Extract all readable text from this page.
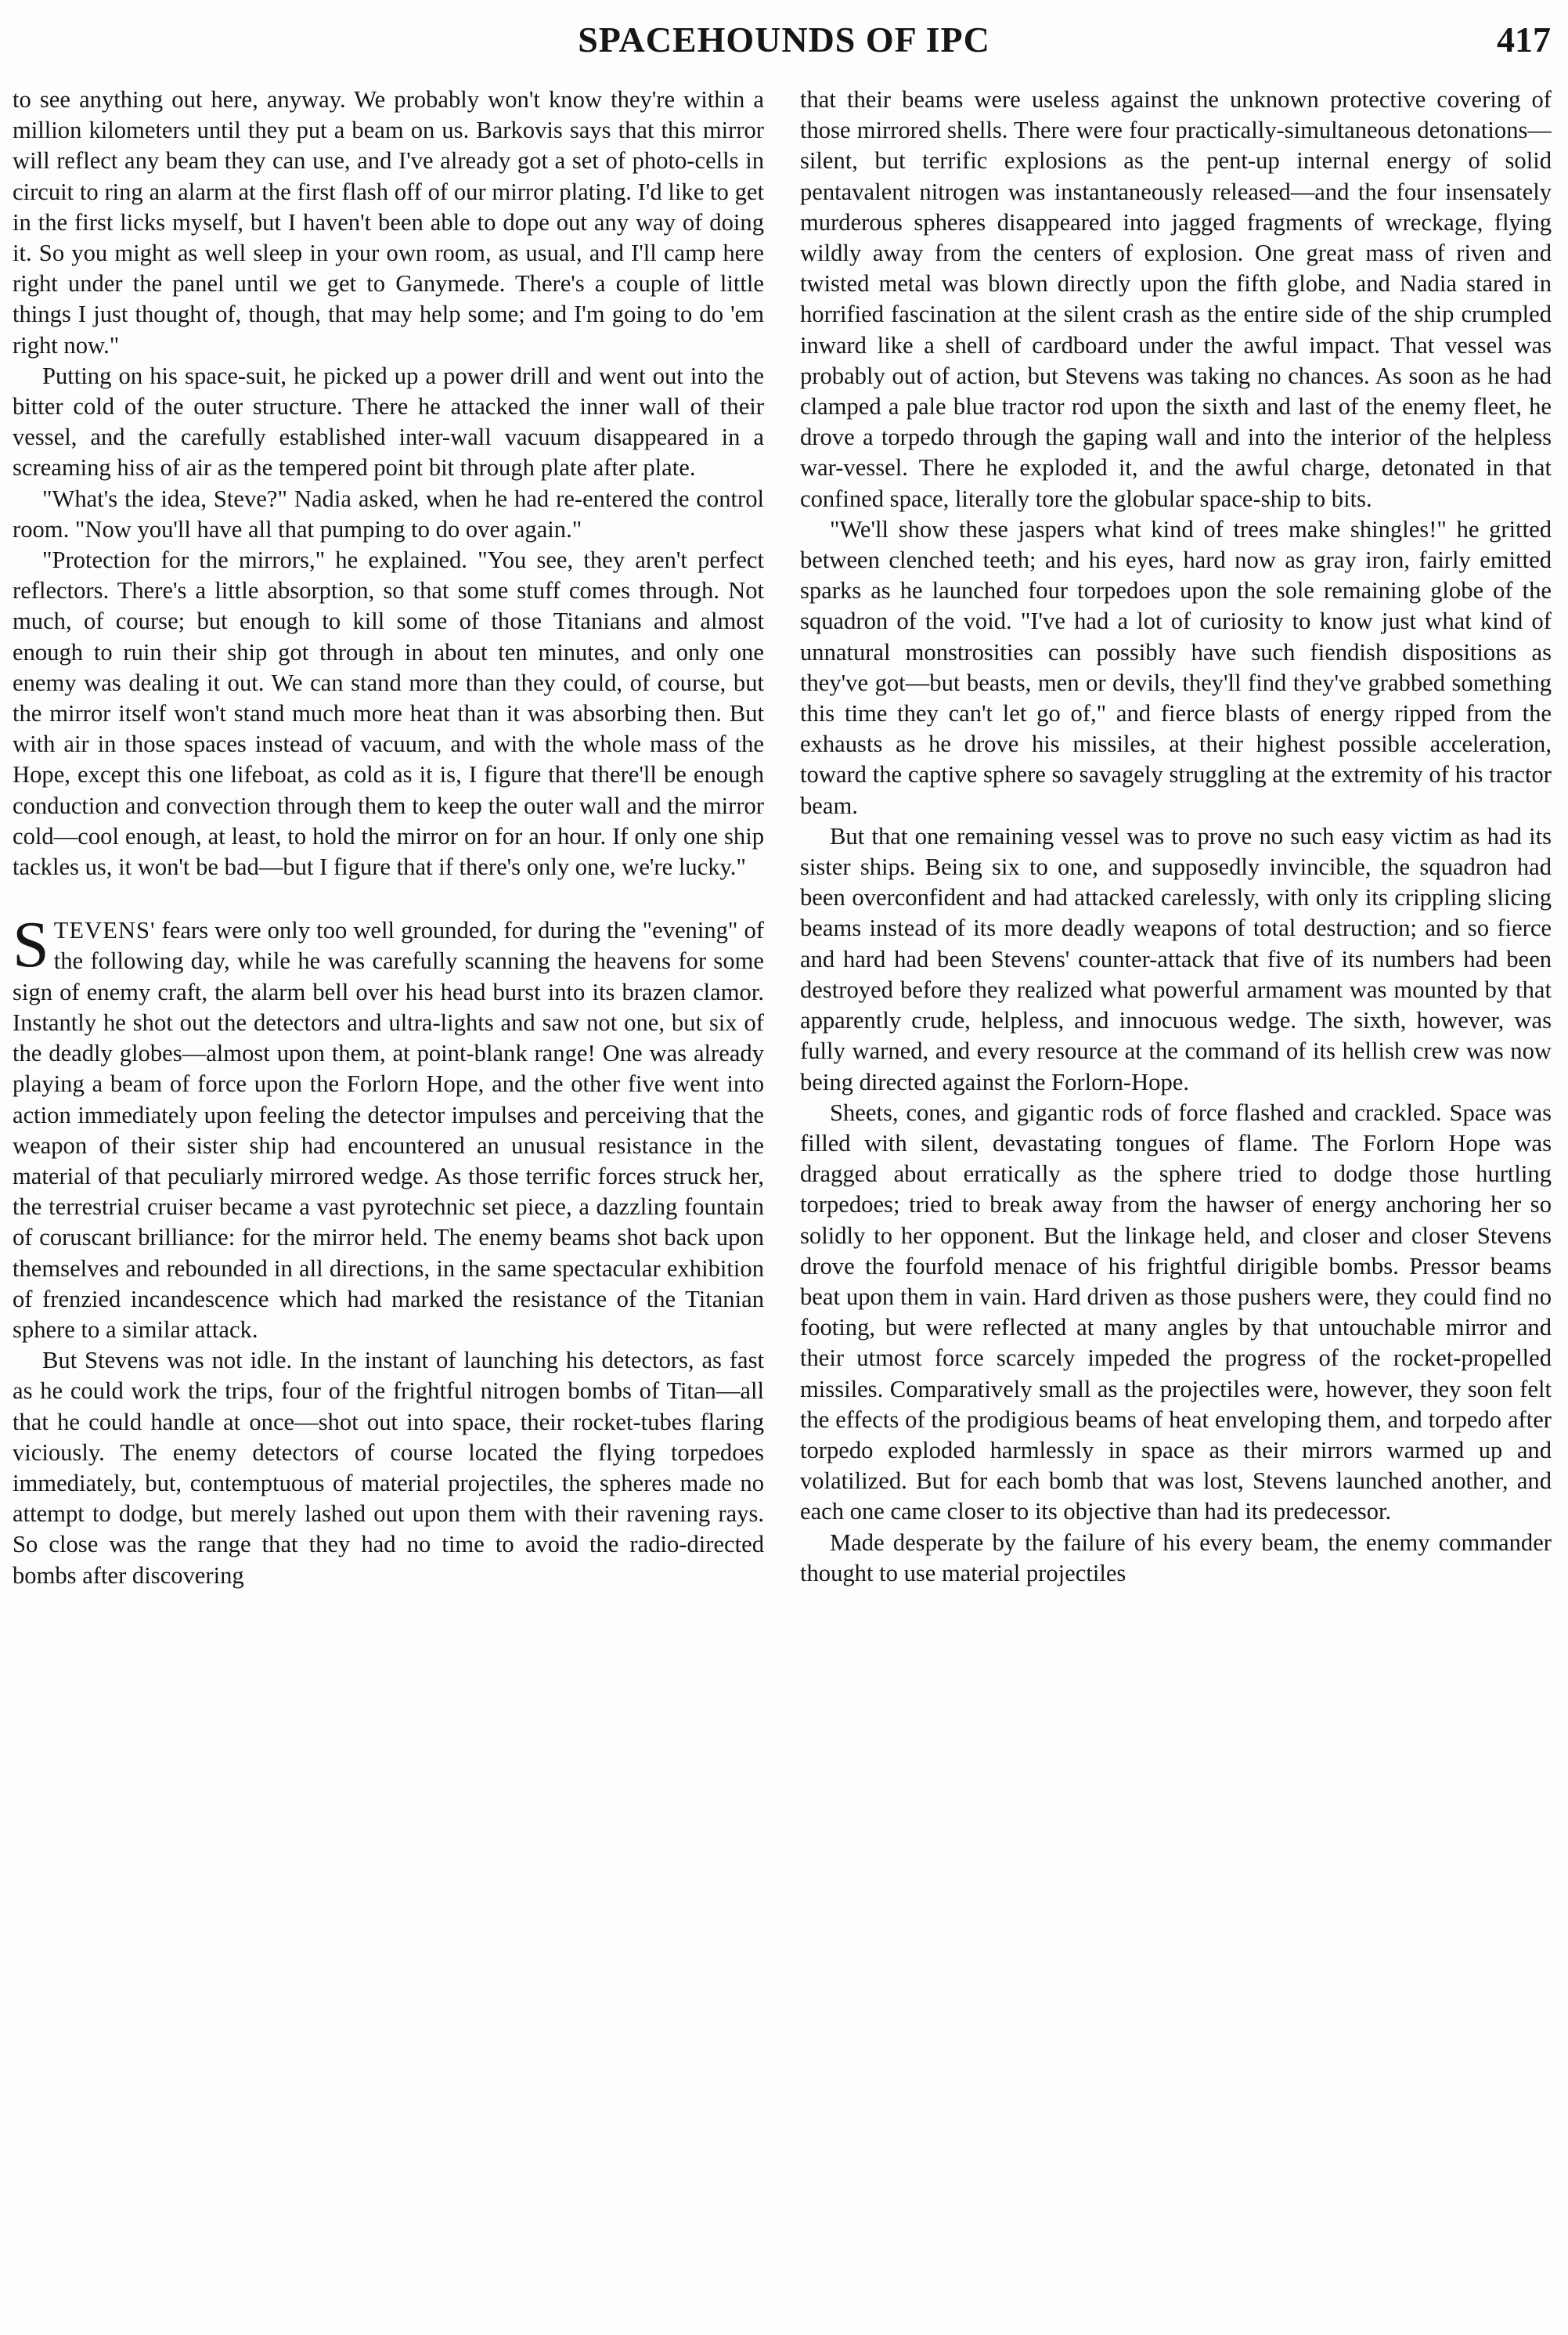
SPACEHOUNDS OF IPC	417

to see anything out here, anyway. We probably won't know they're within a million kilometers until they put a beam on us. Barkovis says that this mirror will reflect any beam they can use, and I've already got a set of photo-cells in circuit to ring an alarm at the first flash off of our mirror plating. I'd like to get in the first licks myself, but I haven't been able to dope out any way of doing it. So you might as well sleep in your own room, as usual, and I'll camp here right under the panel until we get to Ganymede. There's a couple of little things I just thought of, though, that may help some; and I'm going to do 'em right now."

Putting on his space-suit, he picked up a power drill and went out into the bitter cold of the outer structure. There he attacked the inner wall of their vessel, and the carefully established inter-wall vacuum disappeared in a screaming hiss of air as the tempered point bit through plate after plate.

"What's the idea, Steve?" Nadia asked, when he had re-entered the control room. "Now you'll have all that pumping to do over again."

"Protection for the mirrors," he explained. "You see, they aren't perfect reflectors. There's a little absorption, so that some stuff comes through. Not much, of course; but enough to kill some of those Titanians and almost enough to ruin their ship got through in about ten minutes, and only one enemy was dealing it out. We can stand more than they could, of course, but the mirror itself won't stand much more heat than it was absorbing then. But with air in those spaces instead of vacuum, and with the whole mass of the Hope, except this one lifeboat, as cold as it is, I figure that there'll be enough conduction and convection through them to keep the outer wall and the mirror cold—cool enough, at least, to hold the mirror on for an hour. If only one ship tackles us, it won't be bad—but I figure that if there's only one, we're lucky."

STEVENS' fears were only too well grounded, for during the "evening" of the following day, while he was carefully scanning the heavens for some sign of enemy craft, the alarm bell over his head burst into its brazen clamor. Instantly he shot out the detectors and ultra-lights and saw not one, but six of the deadly globes—almost upon them, at point-blank range! One was already playing a beam of force upon the Forlorn Hope, and the other five went into action immediately upon feeling the detector impulses and perceiving that the weapon of their sister ship had encountered an unusual resistance in the material of that peculiarly mirrored wedge. As those terrific forces struck her, the terrestrial cruiser became a vast pyrotechnic set piece, a dazzling fountain of coruscant brilliance: for the mirror held. The enemy beams shot back upon themselves and rebounded in all directions, in the same spectacular exhibition of frenzied incandescence which had marked the resistance of the Titanian sphere to a similar attack.

But Stevens was not idle. In the instant of launching his detectors, as fast as he could work the trips, four of the frightful nitrogen bombs of Titan—all that he could handle at once—shot out into space, their rocket-tubes flaring viciously. The enemy detectors of course located the flying torpedoes immediately, but, contemptuous of material projectiles, the spheres made no attempt to dodge, but merely lashed out upon them with their ravening rays. So close was the range that they had no time to avoid the radio-directed bombs after discovering

that their beams were useless against the unknown protective covering of those mirrored shells. There were four practically-simultaneous detonations—silent, but terrific explosions as the pent-up internal energy of solid pentavalent nitrogen was instantaneously released—and the four insensately murderous spheres disappeared into jagged fragments of wreckage, flying wildly away from the centers of explosion. One great mass of riven and twisted metal was blown directly upon the fifth globe, and Nadia stared in horrified fascination at the silent crash as the entire side of the ship crumpled inward like a shell of cardboard under the awful impact. That vessel was probably out of action, but Stevens was taking no chances. As soon as he had clamped a pale blue tractor rod upon the sixth and last of the enemy fleet, he drove a torpedo through the gaping wall and into the interior of the helpless war-vessel. There he exploded it, and the awful charge, detonated in that confined space, literally tore the globular space-ship to bits.

"We'll show these jaspers what kind of trees make shingles!" he gritted between clenched teeth; and his eyes, hard now as gray iron, fairly emitted sparks as he launched four torpedoes upon the sole remaining globe of the squadron of the void. "I've had a lot of curiosity to know just what kind of unnatural monstrosities can possibly have such fiendish dispositions as they've got—but beasts, men or devils, they'll find they've grabbed something this time they can't let go of," and fierce blasts of energy ripped from the exhausts as he drove his missiles, at their highest possible acceleration, toward the captive sphere so savagely struggling at the extremity of his tractor beam.

But that one remaining vessel was to prove no such easy victim as had its sister ships. Being six to one, and supposedly invincible, the squadron had been overconfident and had attacked carelessly, with only its crippling slicing beams instead of its more deadly weapons of total destruction; and so fierce and hard had been Stevens' counter-attack that five of its numbers had been destroyed before they realized what powerful armament was mounted by that apparently crude, helpless, and innocuous wedge. The sixth, however, was fully warned, and every resource at the command of its hellish crew was now being directed against the Forlorn-Hope.

Sheets, cones, and gigantic rods of force flashed and crackled. Space was filled with silent, devastating tongues of flame. The Forlorn Hope was dragged about erratically as the sphere tried to dodge those hurtling torpedoes; tried to break away from the hawser of energy anchoring her so solidly to her opponent. But the linkage held, and closer and closer Stevens drove the fourfold menace of his frightful dirigible bombs. Pressor beams beat upon them in vain. Hard driven as those pushers were, they could find no footing, but were reflected at many angles by that untouchable mirror and their utmost force scarcely impeded the progress of the rocket-propelled missiles. Comparatively small as the projectiles were, however, they soon felt the effects of the prodigious beams of heat enveloping them, and torpedo after torpedo exploded harmlessly in space as their mirrors warmed up and volatilized. But for each bomb that was lost, Stevens launched another, and each one came closer to its objective than had its predecessor.

Made desperate by the failure of his every beam, the enemy commander thought to use material projectiles
